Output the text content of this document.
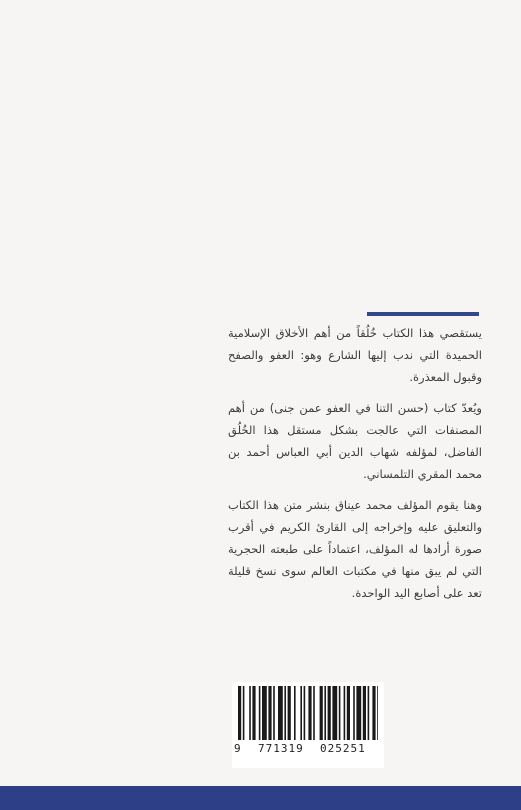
يستقصي هذا الكتاب خُلُقاً من أهم الأخلاق الإسلامية الحميدة التي ندب إليها الشارع وهو: العفو والصفح وقبول المعذرة.

ويُعدّ كتاب (حسن التنا في العفو عمن جنى) من أهم المصنفات التي عالجت بشكل مستقل هذا الخُلُق الفاضل، لمؤلفه شهاب الدين أبي العباس أحمد بن محمد المقري التلمساني.

وهنا يقوم المؤلف محمد عيناق بنشر متن هذا الكتاب والتعليق عليه وإخراجه إلى القارئ الكريم في أقرب صورة أرادها له المؤلف، اعتماداً على طبعته الحجرية التي لم يبق منها في مكتبات العالم سوى نسخ قليلة تعد على أصابع اليد الواحدة.

9 771319 025251
